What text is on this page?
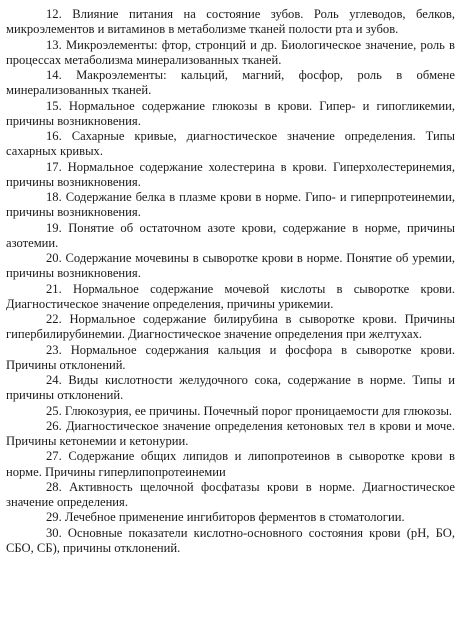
12. Влияние питания на состояние зубов. Роль углеводов, белков, микроэлементов и витаминов в метаболизме тканей полости рта и зубов.

13. Микроэлементы: фтор, стронций и др. Биологическое значение, роль в процессах метаболизма минерализованных тканей.

14. Макроэлементы: кальций, магний, фосфор, роль в обмене минерализованных тканей.

15. Нормальное содержание глюкозы в крови. Гипер- и гипогликемии, причины возникновения.

16. Сахарные кривые, диагностическое значение определения. Типы сахарных кривых.

17. Нормальное содержание холестерина в крови. Гиперхолестеринемия, причины возникновения.

18. Содержание белка в плазме крови в норме. Гипо- и гиперпротеинемии, причины возникновения.

19. Понятие об остаточном азоте крови, содержание в норме, причины азотемии.

20. Содержание мочевины в сыворотке крови в норме. Понятие об уремии, причины возникновения.

21. Нормальное содержание мочевой кислоты в сыворотке крови. Диагностическое значение определения, причины урикемии.

22. Нормальное содержание билирубина в сыворотке крови. Причины гипербилирубинемии. Диагностическое значение определения при желтухах.

23. Нормальное содержания кальция и фосфора в сыворотке крови. Причины отклонений.

24. Виды кислотности желудочного сока, содержание в норме. Типы и причины отклонений.

25. Глюкозурия, ее причины. Почечный порог проницаемости для глюкозы.

26. Диагностическое значение определения кетоновых тел в крови и моче. Причины кетонемии и кетонурии.

27. Содержание общих липидов и липопротеинов в сыворотке крови в норме. Причины гиперлипопротеинемии

28. Активность щелочной фосфатазы крови в норме. Диагностическое значение определения.

29. Лечебное применение ингибиторов ферментов в стоматологии.

30. Основные показатели кислотно-основного состояния крови (рН, БО, СБО, СБ), причины отклонений.
